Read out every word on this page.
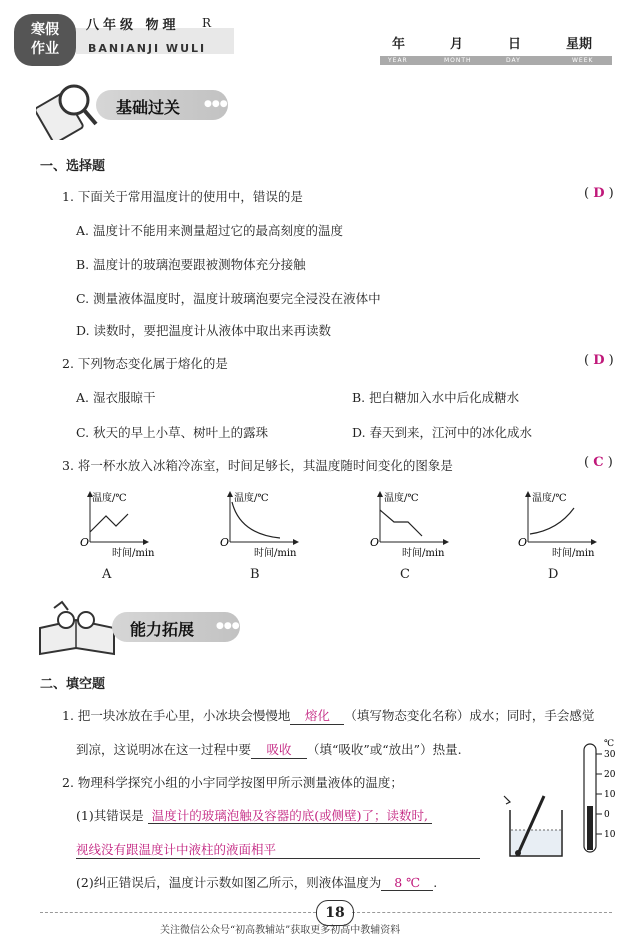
寒假
作业
八年级 物理 R
BANIANJI WULI	年	月	日	星期
YEAR	MONTH	DAY	WEEK
基础过关	●●●
一、选择题
1. 下面关于常用温度计的使用中，错误的是	( D )
A. 温度计不能用来测量超过它的最高刻度的温度
B. 温度计的玻璃泡要跟被测物体充分接触
C. 测量液体温度时，温度计玻璃泡要完全浸没在液体中
D. 读数时，要把温度计从液体中取出来再读数
2. 下列物态变化属于熔化的是	( D )
A. 湿衣服晾干	B. 把白糖加入水中后化成糖水
C. 秋天的早上小草、树叶上的露珠	D. 春天到来，江河中的冰化成水
3. 将一杯水放入冰箱冷冻室，时间足够长，其温度随时间变化的图象是	( C )
O
温度/℃
时间/min
O
温度/℃
时间/min
O
温度/℃
时间/min
O
温度/℃
时间/min
A	B	C	D
能力拓展 ●●●
二、填空题
1. 把一块冰放在手心里，小冰块会慢慢地 熔化 （填写物态变化名称）成水；同时，手会感觉
到凉，这说明冰在这一过程中要 吸收 （填“吸收”或“放出”）热量.
2. 物理科学探究小组的小宇同学按图甲所示测量液体的温度；
(1)其错误是 温度计的玻璃泡触及容器的底(或侧壁)了；读数时,
视线没有跟温度计中液柱的液面相平
(2)纠正错误后，温度计示数如图乙所示，则液体温度为 8 ℃ .
℃
30
20
10
0
10
18
关注微信公众号“初高教辅站”获取更多初高中教辅资料
